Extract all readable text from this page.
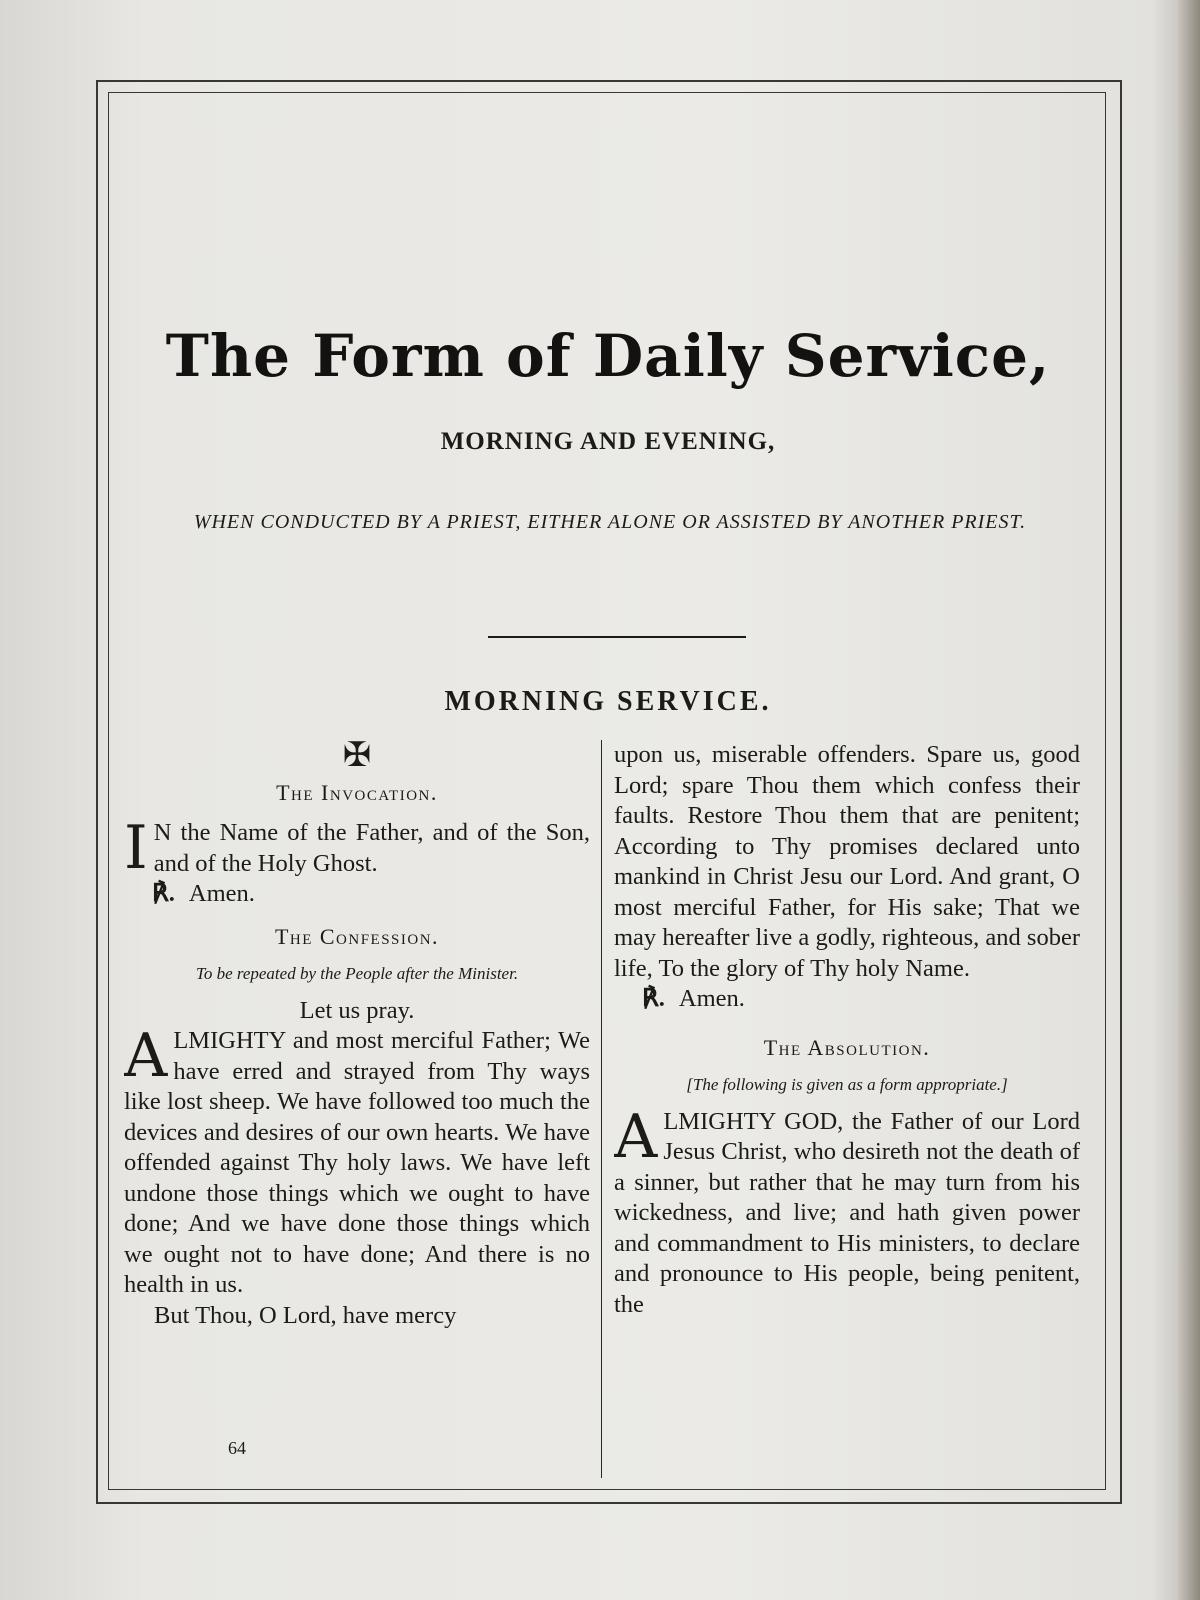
The Form of Daily Service,
MORNING AND EVENING,
WHEN CONDUCTED BY A PRIEST, EITHER ALONE OR ASSISTED BY ANOTHER PRIEST.
MORNING SERVICE.
✠
The Invocation.
I N the Name of the Father, and of the Son, and of the Holy Ghost.
℟. Amen.
The Confession.
To be repeated by the People after the Minister.
Let us pray.
ALMIGHTY and most merciful Father; We have erred and strayed from Thy ways like lost sheep. We have followed too much the devices and desires of our own hearts. We have offended against Thy holy laws. We have left undone those things which we ought to have done; And we have done those things which we ought not to have done; And there is no health in us.
But Thou, O Lord, have mercy
upon us, miserable offenders. Spare us, good Lord; spare Thou them which confess their faults. Restore Thou them that are penitent; According to Thy promises declared unto mankind in Christ Jesu our Lord. And grant, O most merciful Father, for His sake; That we may hereafter live a godly, righteous, and sober life, To the glory of Thy holy Name.
℟. Amen.
The Absolution.
[The following is given as a form appropriate.]
ALMIGHTY GOD, the Father of our Lord Jesus Christ, who desireth not the death of a sinner, but rather that he may turn from his wickedness, and live; and hath given power and commandment to His ministers, to declare and pronounce to His people, being penitent, the
64
